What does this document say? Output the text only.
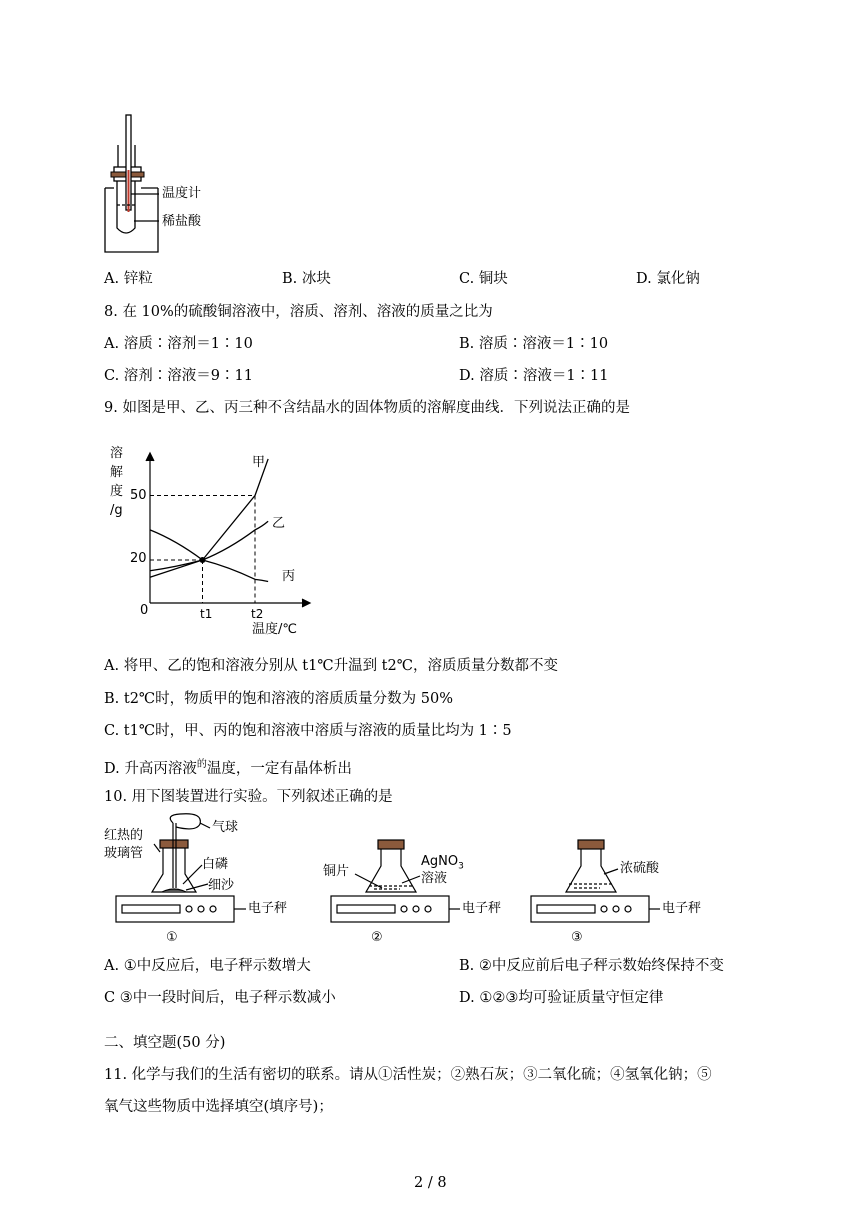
温度计
稀盐酸
A. 锌粒	B. 冰块	C. 铜块	D. 氯化钠
8. 在 10%的硫酸铜溶液中，溶质、溶剂、溶液的质量之比为
A. 溶质∶溶剂＝1∶10	B. 溶质∶溶液＝1∶10
C. 溶剂∶溶液＝9∶11	D. 溶质∶溶液＝1∶11
9. 如图是甲、乙、丙三种不含结晶水的固体物质的溶解度曲线．下列说法正确的是
溶
解
度
/g
50
20
0	t1	t2
温度/℃
甲
乙
丙
A. 将甲、乙的饱和溶液分别从 t1℃升温到 t2℃，溶质质量分数都不变
B. t2℃时，物质甲的饱和溶液的溶质质量分数为 50%
C. t1℃时，甲、丙的饱和溶液中溶质与溶液的质量比均为 1∶5
D. 升高丙溶液$^的$温度，一定有晶体析出
10. 用下图装置进行实验。下列叙述正确的是
红热的
玻璃管
气球
白磷
细沙
电子秤
①
铜片
AgNO$_3$
溶液
电子秤
②
浓硫酸
电子秤
③
A. ①中反应后，电子秤示数增大	B. ②中反应前后电子秤示数始终保持不变
C ③中一段时间后，电子秤示数减小	D. ①②③均可验证质量守恒定律
二、填空题(50 分)
11. 化学与我们的生活有密切的联系。请从①活性炭；②熟石灰；③二氧化硫；④氢氧化钠；⑤
氧气这些物质中选择填空(填序号)；
2 / 8
